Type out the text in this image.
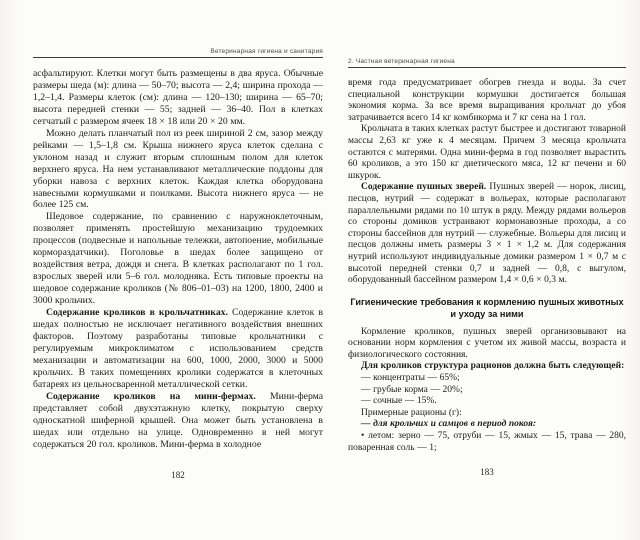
Ветеринарная гигиена и санитария

асфальтируют. Клетки могут быть размещены в два яруса. Обычные размеры шеда (м): длина — 50–70; высота — 2,4; ширина прохода — 1,2–1,4. Размеры клеток (см): длина — 120–130; ширина — 65–70; высота передней стенки — 55; задней — 36–40. Пол в клетках сетчатый с размером ячеек 18 × 18 или 20 × 20 мм.

Можно делать планчатый пол из реек шириной 2 см, зазор между рейками — 1,5–1,8 см. Крыша нижнего яруса клеток сделана с уклоном назад и служит вторым сплошным полом для клеток верхнего яруса. На нем устанавливают металлические поддоны для уборки навоза с верхних клеток. Каждая клетка оборудована навесными кормушками и поилками. Высота нижнего яруса — не более 125 см.

Шедовое содержание, по сравнению с наружноклеточным, позволяет применять простейшую механизацию трудоемких процессов (подвесные и напольные тележки, автопоение, мобильные кормораздатчики). Поголовье в шедах более защищено от воздействия ветра, дождя и снега. В клетках располагают по 1 гол. взрослых зверей или 5–6 гол. молодняка. Есть типовые проекты на шедовое содержание кроликов (№ 806–01–03) на 1200, 1800, 2400 и 3000 крольчих.

Содержание кроликов в крольчатниках. Содержание клеток в шедах полностью не исключает негативного воздействия внешних факторов. Поэтому разработаны типовые крольчатники с регулируемым микроклиматом с использованием средств механизации и автоматизации на 600, 1000, 2000, 3000 и 5000 крольчих. В таких помещениях кролики содержатся в клеточных батареях из цельносваренной металлической сетки.

Содержание кроликов на мини-фермах. Мини-ферма представляет собой двухэтажную клетку, покрытую сверху односкатной шиферной крышей. Она может быть установлена в шедах или отдельно на улице. Одновременно в ней могут содержаться 20 гол. кроликов. Мини-ферма в холодное

182
2. Частная ветеринарная гигиена

время года предусматривает обогрев гнезда и воды. За счет специальной конструкции кормушки достигается большая экономия корма. За все время выращивания крольчат до убоя затрачивается всего 14 кг комбикорма и 7 кг сена на 1 гол.

Крольчата в таких клетках растут быстрее и достигают товарной массы 2,63 кг уже к 4 месяцам. Причем 3 месяца крольчата остаются с матерями. Одна мини-ферма в год позволяет вырастить 60 кроликов, а это 150 кг диетического мяса, 12 кг печени и 60 шкурок.

Содержание пушных зверей. Пушных зверей — норок, лисиц, песцов, нутрий — содержат в вольерах, которые располагают параллельными рядами по 10 штук в ряду. Между рядами вольеров со стороны домиков устраивают кормонавозные проходы, а со стороны бассейнов для нутрий — служебные. Вольеры для лисиц и песцов должны иметь размеры 3 × 1 × 1,2 м. Для содержания нутрий используют индивидуальные домики размером 1 × 0,7 м с высотой передней стенки 0,7 и задней — 0,8, с выгулом, оборудованный бассейном размером 1,4 × 0,6 × 0,3 м.

Гигиенические требования к кормлению пушных животных
и уходу за ними

Кормление кроликов, пушных зверей организовывают на основании норм кормления с учетом их живой массы, возраста и физиологического состояния.

Для кроликов структура рационов должна быть следующей:

— концентраты — 65%;

— грубые корма — 20%;

— сочные — 15%.

Примерные рационы (г):

— для крольчих и самцов в период покоя:

• летом: зерно — 75, отруби — 15, жмых — 15, трава — 280, поваренная соль — 1;

183
